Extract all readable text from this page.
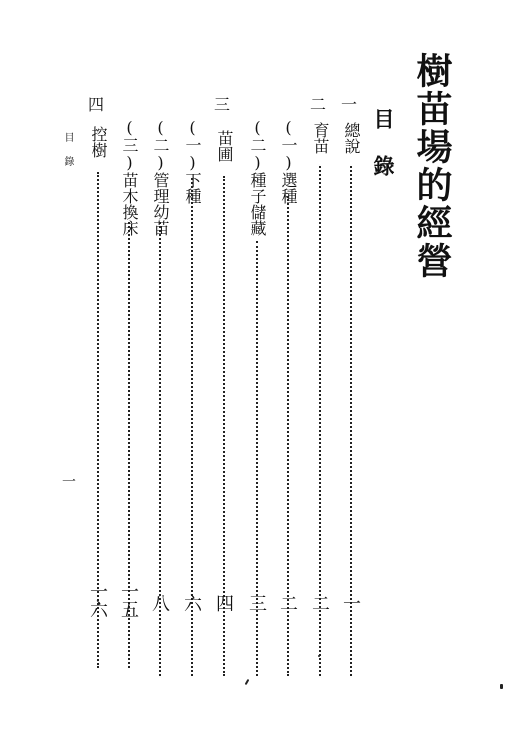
樹苗場的經營
目錄
一
總說
一
二
育苗
二
(一)選種
二
(二)種子儲藏
三
三
苗圃
四
(一)下種
六
(二)管理幼苗
八
(三)苗木換床
一五
四
控樹
一六
目錄
一
